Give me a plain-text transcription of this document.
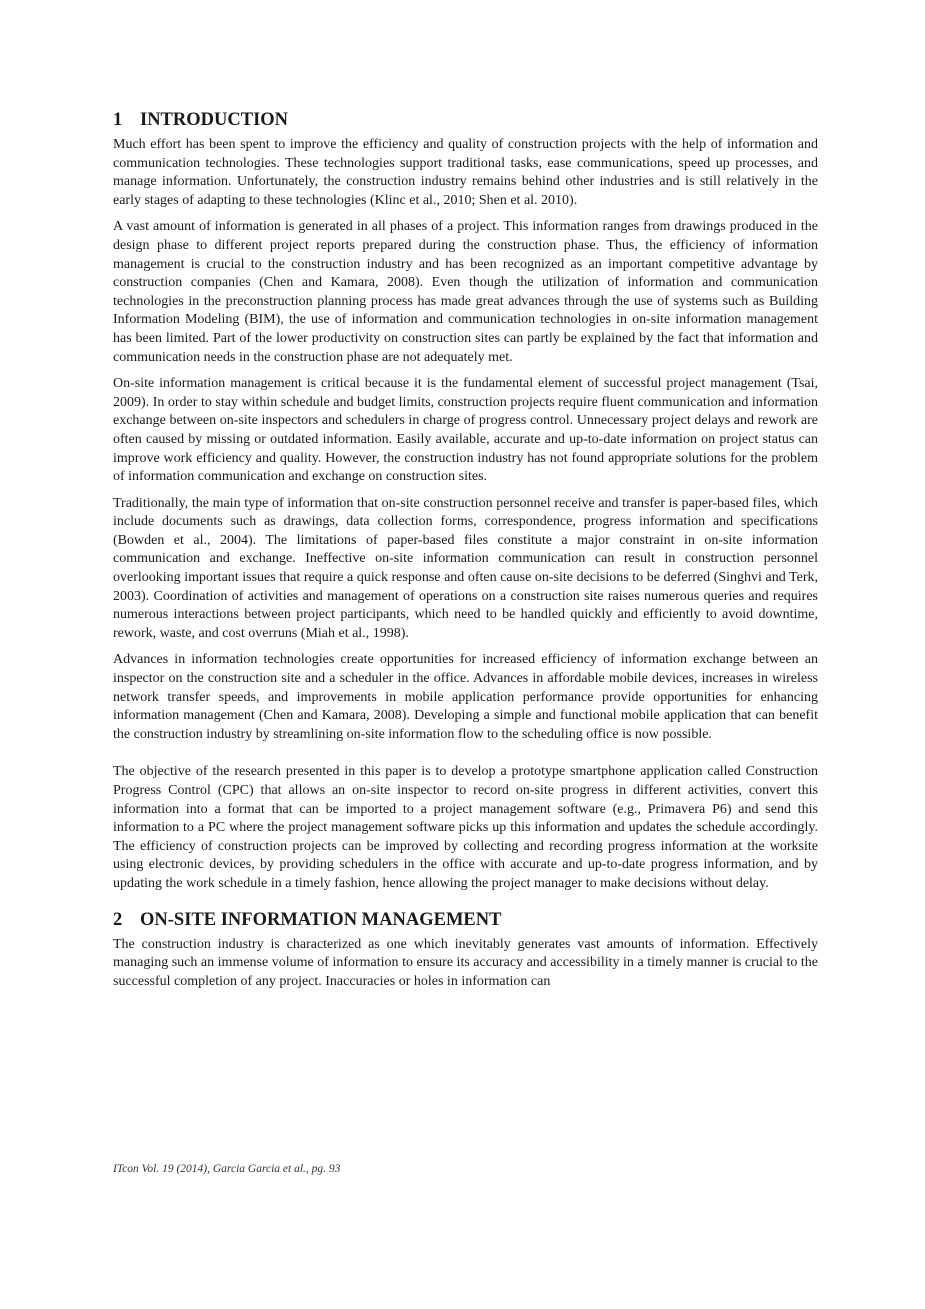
1 INTRODUCTION

Much effort has been spent to improve the efficiency and quality of construction projects with the help of information and communication technologies. These technologies support traditional tasks, ease communications, speed up processes, and manage information. Unfortunately, the construction industry remains behind other industries and is still relatively in the early stages of adapting to these technologies (Klinc et al., 2010; Shen et al. 2010).

A vast amount of information is generated in all phases of a project. This information ranges from drawings produced in the design phase to different project reports prepared during the construction phase. Thus, the efficiency of information management is crucial to the construction industry and has been recognized as an important competitive advantage by construction companies (Chen and Kamara, 2008). Even though the utilization of information and communication technologies in the preconstruction planning process has made great advances through the use of systems such as Building Information Modeling (BIM), the use of information and communication technologies in on-site information management has been limited. Part of the lower productivity on construction sites can partly be explained by the fact that information and communication needs in the construction phase are not adequately met.

On-site information management is critical because it is the fundamental element of successful project management (Tsai, 2009). In order to stay within schedule and budget limits, construction projects require fluent communication and information exchange between on-site inspectors and schedulers in charge of progress control. Unnecessary project delays and rework are often caused by missing or outdated information. Easily available, accurate and up-to-date information on project status can improve work efficiency and quality. However, the construction industry has not found appropriate solutions for the problem of information communication and exchange on construction sites.

Traditionally, the main type of information that on-site construction personnel receive and transfer is paper-based files, which include documents such as drawings, data collection forms, correspondence, progress information and specifications (Bowden et al., 2004). The limitations of paper-based files constitute a major constraint in on-site information communication and exchange. Ineffective on-site information communication can result in construction personnel overlooking important issues that require a quick response and often cause on-site decisions to be deferred (Singhvi and Terk, 2003). Coordination of activities and management of operations on a construction site raises numerous queries and requires numerous interactions between project participants, which need to be handled quickly and efficiently to avoid downtime, rework, waste, and cost overruns (Miah et al., 1998).

Advances in information technologies create opportunities for increased efficiency of information exchange between an inspector on the construction site and a scheduler in the office. Advances in affordable mobile devices, increases in wireless network transfer speeds, and improvements in mobile application performance provide opportunities for enhancing information management (Chen and Kamara, 2008). Developing a simple and functional mobile application that can benefit the construction industry by streamlining on-site information flow to the scheduling office is now possible.

The objective of the research presented in this paper is to develop a prototype smartphone application called Construction Progress Control (CPC) that allows an on-site inspector to record on-site progress in different activities, convert this information into a format that can be imported to a project management software (e.g., Primavera P6) and send this information to a PC where the project management software picks up this information and updates the schedule accordingly. The efficiency of construction projects can be improved by collecting and recording progress information at the worksite using electronic devices, by providing schedulers in the office with accurate and up-to-date progress information, and by updating the work schedule in a timely fashion, hence allowing the project manager to make decisions without delay.

2 ON-SITE INFORMATION MANAGEMENT

The construction industry is characterized as one which inevitably generates vast amounts of information. Effectively managing such an immense volume of information to ensure its accuracy and accessibility in a timely manner is crucial to the successful completion of any project. Inaccuracies or holes in information can

ITcon Vol. 19 (2014), Garcia Garcia et al., pg. 93
